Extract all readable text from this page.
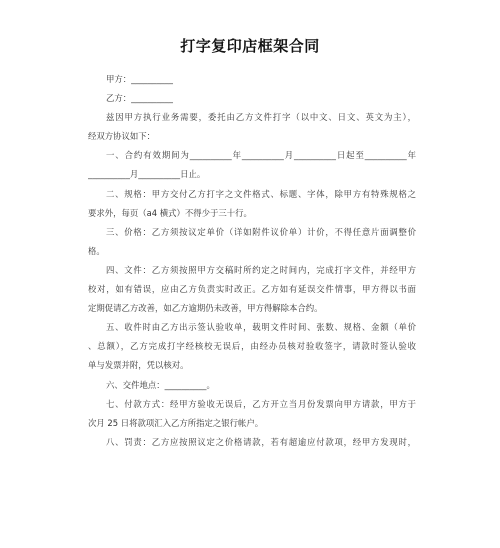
打字复印店框架合同
甲方：__________
乙方：__________
兹因甲方执行业务需要，委托由乙方文件打字（以中文、日文、英文为主），
经双方协议如下：
一、合约有效期间为__________年__________月__________日起至__________年
__________月__________日止。
二、规格：甲方交付乙方打字之文件格式、标题、字体，除甲方有特殊规格之
要求外，每页（a4 横式）不得少于三十行。
三、价格：乙方须按议定单价（详如附件议价单）计价，不得任意片面调整价
格。
四、文件：乙方须按照甲方交稿时所约定之时间内，完成打字文件，并经甲方
校对，如有错误，应由乙方负责实时改正。乙方如有延误交件情事，甲方得以书面
定期促请乙方改善，如乙方逾期仍未改善，甲方得解除本合约。
五、收件时由乙方出示签认验收单，载明文件时间、张数、规格、金额（单价
、总额），乙方完成打字经核校无误后，由经办员核对验收签字，请款时签认验收
单与发票并附，凭以核对。
六、交件地点：__________。
七、付款方式：经甲方验收无误后，乙方开立当月份发票向甲方请款，甲方于
次月 25 日将款项汇入乙方所指定之银行帐户。
八、罚责：乙方应按照议定之价格请款，若有超逾应付款项，经甲方发现时，
